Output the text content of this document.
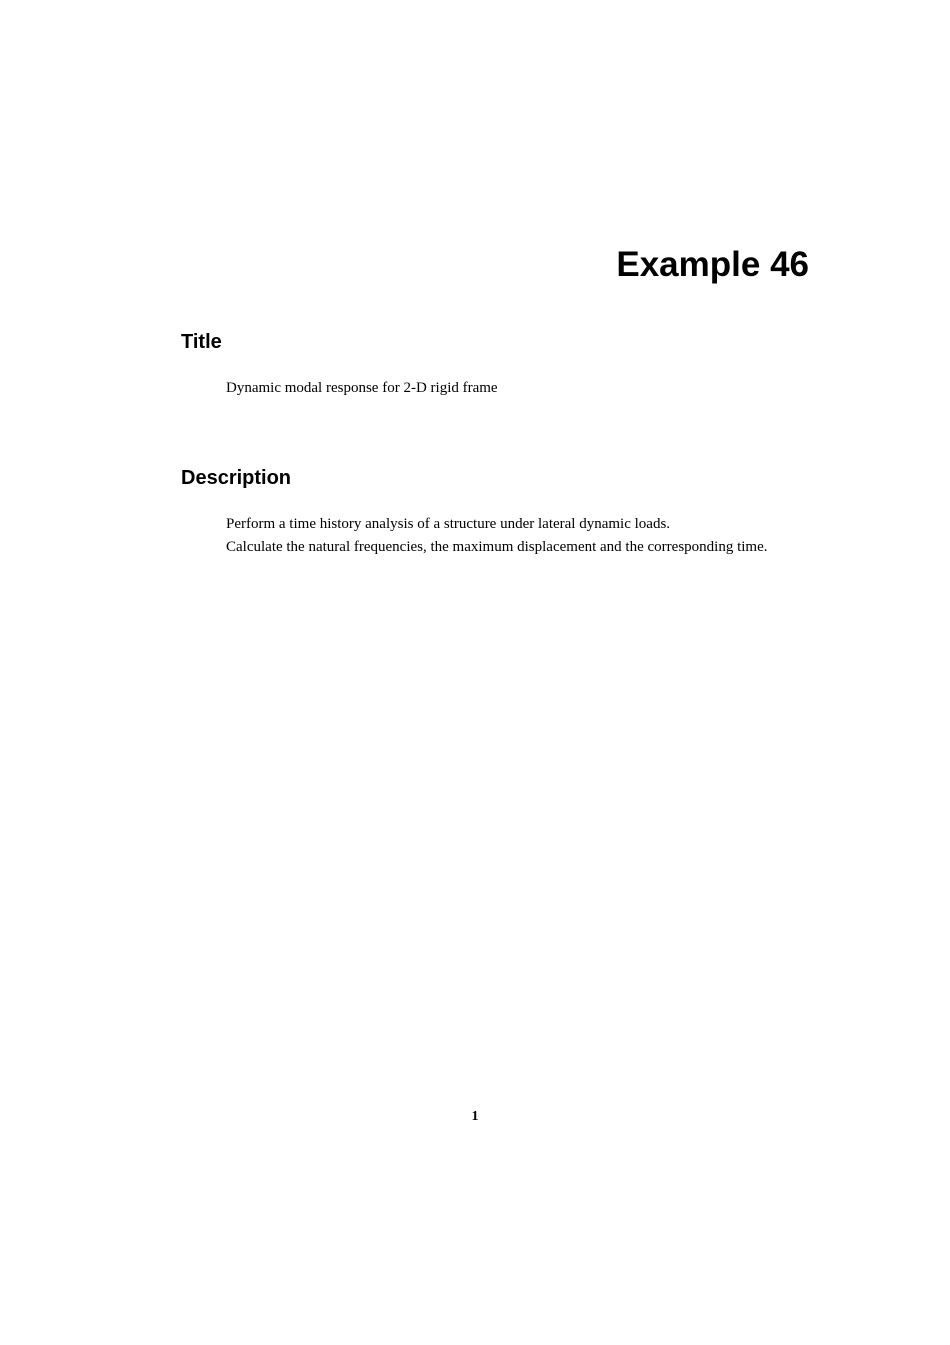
Example 46
Title

Dynamic modal response for 2-D rigid frame

Description
Perform a time history analysis of a structure under lateral dynamic loads.
Calculate the natural frequencies, the maximum displacement and the corresponding time.
1
